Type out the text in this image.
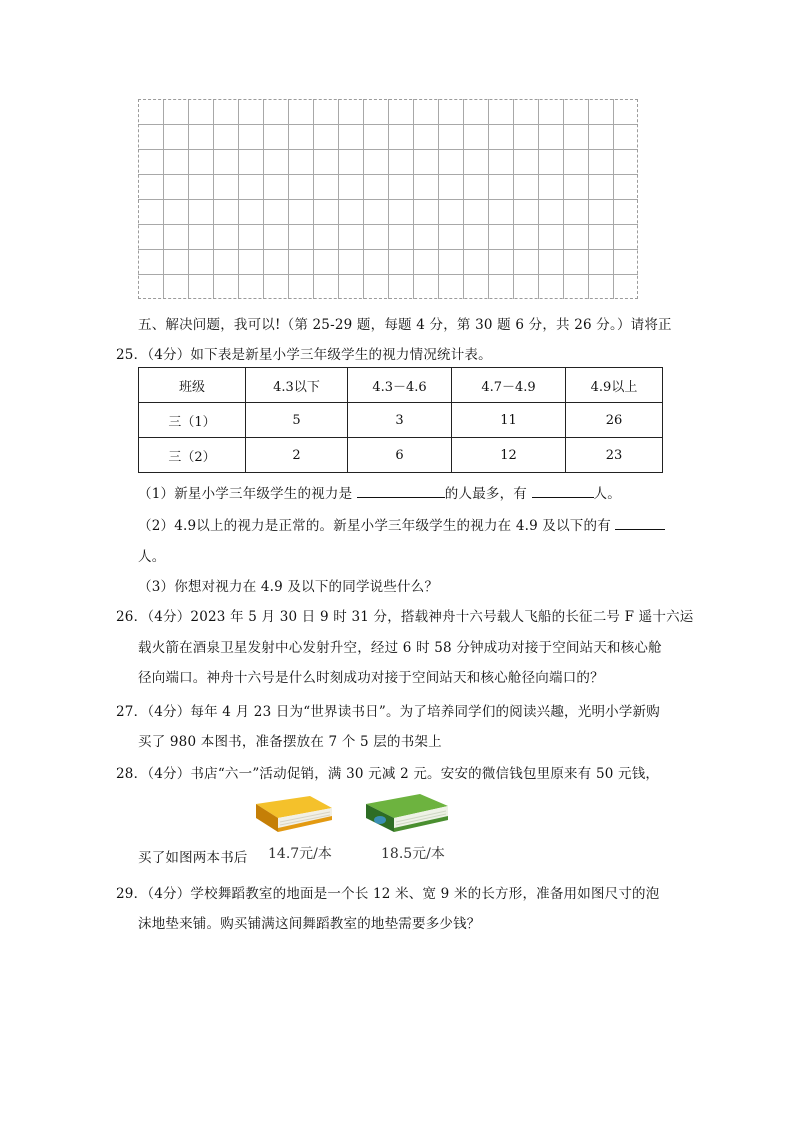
五、解决问题，我可以!（第 25-29 题，每题 4 分，第 30 题 6 分，共 26 分。）请将正
25．（4分）如下表是新星小学三年级学生的视力情况统计表。
班级	4.3以下	4.3－4.6	4.7－4.9	4.9以上
三（1）	5	3	11	26
三（2）	2	6	12	23
（1）新星小学三年级学生的视力是	的人最多，有	人。
（2）4.9以上的视力是正常的。新星小学三年级学生的视力在 4.9 及以下的有
人。
（3）你想对视力在 4.9 及以下的同学说些什么？
26．（4分）2023 年 5 月 30 日 9 时 31 分，搭载神舟十六号载人飞船的长征二号 F 遥十六运
载火箭在酒泉卫星发射中心发射升空，经过 6 时 58 分钟成功对接于空间站天和核心舱
径向端口。神舟十六号是什么时刻成功对接于空间站天和核心舱径向端口的？
27．（4分）每年 4 月 23 日为“世界读书日”。为了培养同学们的阅读兴趣，光明小学新购
买了 980 本图书，准备摆放在 7 个 5 层的书架上
28．（4分）书店“六一”活动促销，满 30 元减 2 元。安安的微信钱包里原来有 50 元钱，
买了如图两本书后 14.7元/本	18.5元/本
29．（4分）学校舞蹈教室的地面是一个长 12 米、宽 9 米的长方形，准备用如图尺寸的泡
沫地垫来铺。购买铺满这间舞蹈教室的地垫需要多少钱？
